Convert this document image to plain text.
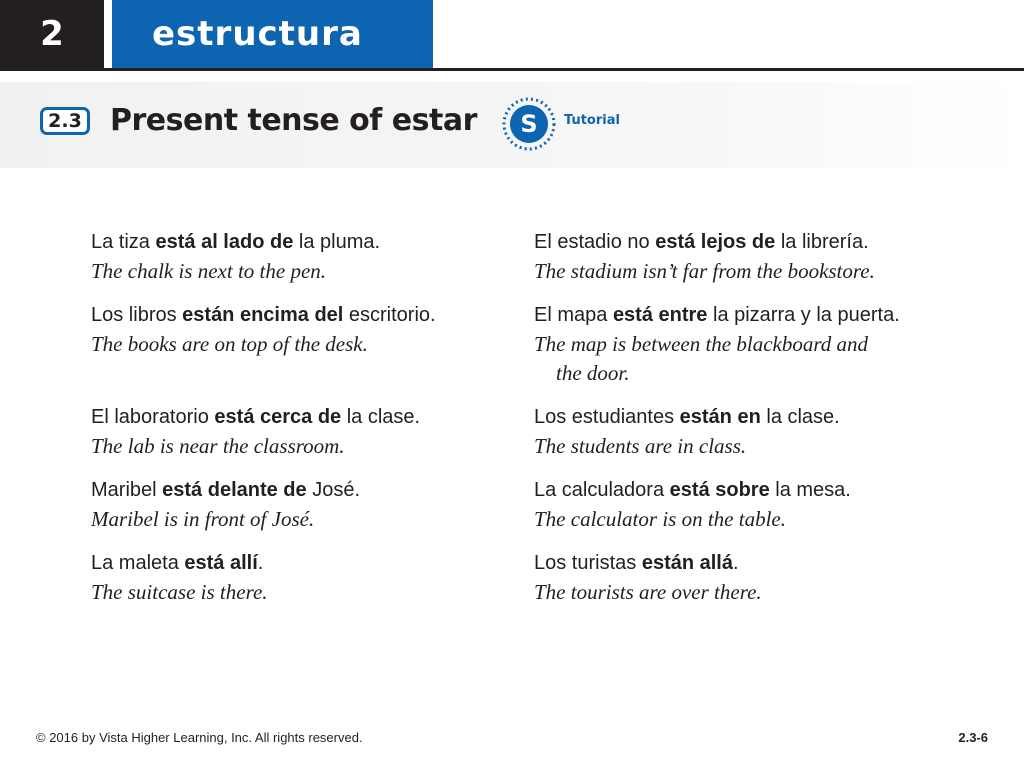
2	estructura
2.3 Present tense of estar S Tutorial
La tiza está al lado de la pluma.
The chalk is next to the pen.
Los libros están encima del escritorio.
The books are on top of the desk.
El laboratorio está cerca de la clase.
The lab is near the classroom.
Maribel está delante de José.
Maribel is in front of José.
La maleta está allí.
The suitcase is there.
El estadio no está lejos de la librería.
The stadium isn’t far from the bookstore.
El mapa está entre la pizarra y la puerta.
The map is between the blackboard and
the door.
Los estudiantes están en la clase.
The students are in class.
La calculadora está sobre la mesa.
The calculator is on the table.
Los turistas están allá.
The tourists are over there.
© 2016 by Vista Higher Learning, Inc. All rights reserved.	2.3-6
